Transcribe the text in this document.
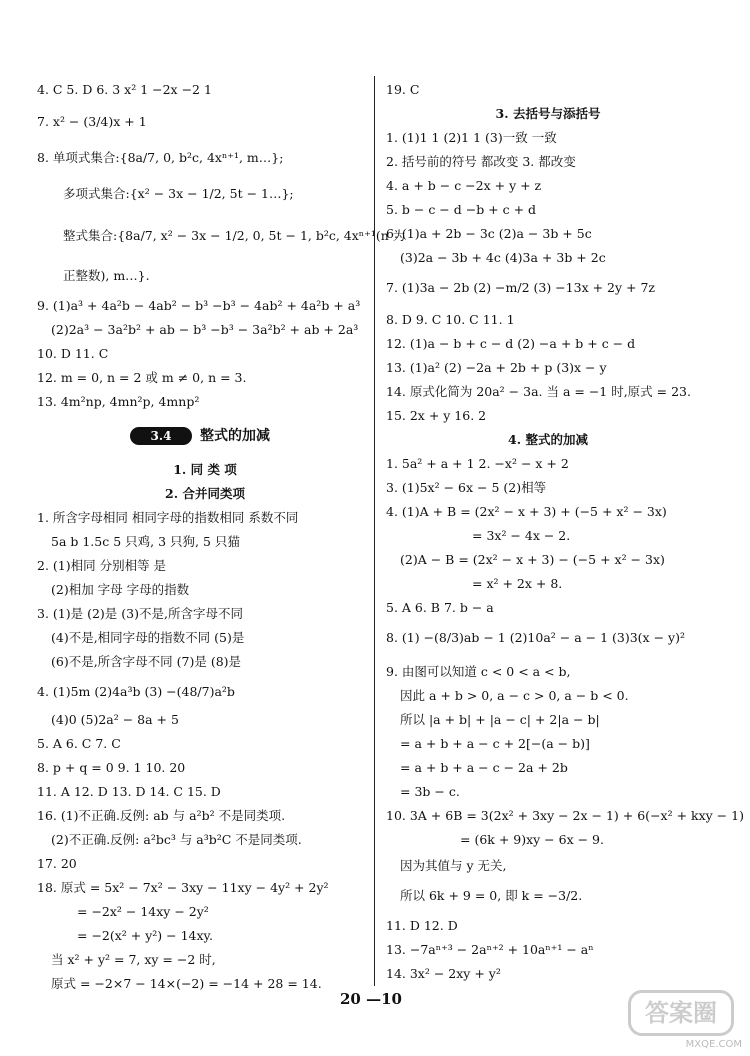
4. C 5. D 6. 3 x² 1 −2x −2 1
7. x² − (3/4)x + 1
8. 单项式集合:{8a/7, 0, b²c, 4xⁿ⁺¹, m…};
多项式集合:{x² − 3x − 1/2, 5t − 1…};
整式集合:{8a/7, x² − 3x − 1/2, 0, 5t − 1, b²c, 4xⁿ⁺¹(n 为
正整数), m…}.
9. (1)a³ + 4a²b − 4ab² − b³ −b³ − 4ab² + 4a²b + a³
(2)2a³ − 3a²b² + ab − b³ −b³ − 3a²b² + ab + 2a³
10. D 11. C
12. m = 0, n = 2 或 m ≠ 0, n = 3.
13. 4m²np, 4mn²p, 4mnp²
3.4	整式的加减
1. 同 类 项
2. 合并同类项
1. 所含字母相同 相同字母的指数相同 系数不同
5a b 1.5c 5 只鸡, 3 只狗, 5 只猫
2. (1)相同 分别相等 是
(2)相加 字母 字母的指数
3. (1)是 (2)是 (3)不是,所含字母不同
(4)不是,相同字母的指数不同 (5)是
(6)不是,所含字母不同 (7)是 (8)是
4. (1)5m (2)4a³b (3) −(48/7)a²b
(4)0 (5)2a² − 8a + 5
5. A 6. C 7. C
8. p + q = 0 9. 1 10. 20
11. A 12. D 13. D 14. C 15. D
16. (1)不正确.反例: ab 与 a²b² 不是同类项.
(2)不正确.反例: a²bc³ 与 a³b²C 不是同类项.
17. 20
18. 原式 = 5x² − 7x² − 3xy − 11xy − 4y² + 2y²
= −2x² − 14xy − 2y²
= −2(x² + y²) − 14xy.
当 x² + y² = 7, xy = −2 时,
原式 = −2×7 − 14×(−2) = −14 + 28 = 14.
19. C
3. 去括号与添括号
1. (1)1 1 (2)1 1 (3)一致 一致
2. 括号前的符号 都改变 3. 都改变
4. a + b − c −2x + y + z
5. b − c − d −b + c + d
6. (1)a + 2b − 3c (2)a − 3b + 5c
(3)2a − 3b + 4c (4)3a + 3b + 2c
7. (1)3a − 2b (2) −m/2 (3) −13x + 2y + 7z
8. D 9. C 10. C 11. 1
12. (1)a − b + c − d (2) −a + b + c − d
13. (1)a² (2) −2a + 2b + p (3)x − y
14. 原式化简为 20a² − 3a. 当 a = −1 时,原式 = 23.
15. 2x + y 16. 2
4. 整式的加减
1. 5a² + a + 1 2. −x² − x + 2
3. (1)5x² − 6x − 5 (2)相等
4. (1)A + B = (2x² − x + 3) + (−5 + x² − 3x)
= 3x² − 4x − 2.
(2)A − B = (2x² − x + 3) − (−5 + x² − 3x)
= x² + 2x + 8.
5. A 6. B 7. b − a
8. (1) −(8/3)ab − 1 (2)10a² − a − 1 (3)3(x − y)²
9. 由图可以知道 c < 0 < a < b,
因此 a + b > 0, a − c > 0, a − b < 0.
所以 |a + b| + |a − c| + 2|a − b|
= a + b + a − c + 2[−(a − b)]
= a + b + a − c − 2a + 2b
= 3b − c.
10. 3A + 6B = 3(2x² + 3xy − 2x − 1) + 6(−x² + kxy − 1)
= (6k + 9)xy − 6x − 9.
因为其值与 y 无关,
所以 6k + 9 = 0, 即 k = −3/2.
11. D 12. D
13. −7aⁿ⁺³ − 2aⁿ⁺² + 10aⁿ⁺¹ − aⁿ
14. 3x² − 2xy + y²
20 —10	答案圈
MXQE.COM
